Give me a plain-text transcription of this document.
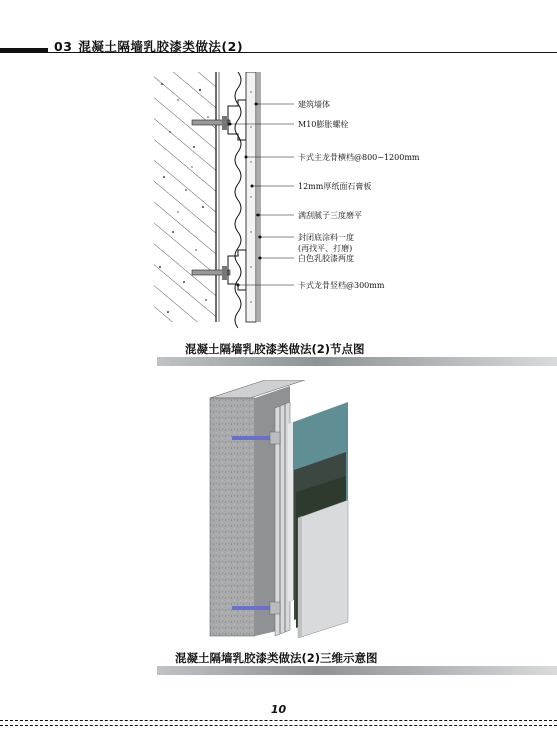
03 混凝土隔墙乳胶漆类做法(2)
建筑墙体
M10膨胀螺栓
卡式主龙骨横档@800~1200mm
12mm厚纸面石膏板
满刮腻子三度磨平
封闭底涂料一度
(再找平、打磨)
白色乳胶漆两度
卡式龙骨竖档@300mm
混凝土隔墙乳胶漆类做法(2)节点图
混凝土隔墙乳胶漆类做法(2)三维示意图
10
